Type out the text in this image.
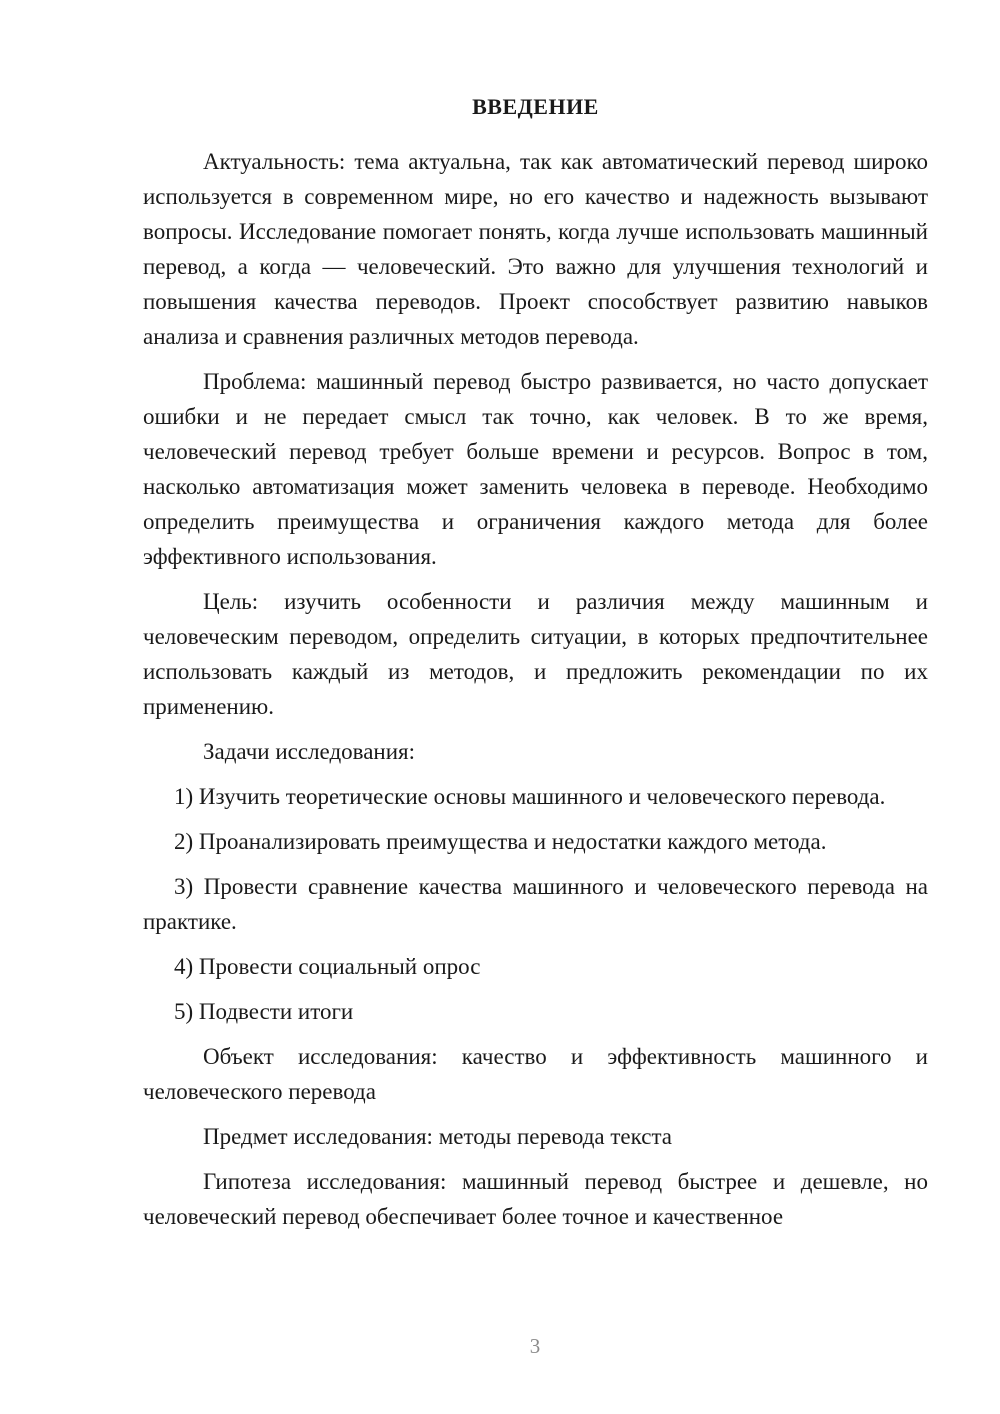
ВВЕДЕНИЕ

Актуальность: тема актуальна, так как автоматический перевод широко используется в современном мире, но его качество и надежность вызывают вопросы. Исследование помогает понять, когда лучше использовать машинный перевод, а когда — человеческий. Это важно для улучшения технологий и повышения качества переводов. Проект способствует развитию навыков анализа и сравнения различных методов перевода.

Проблема: машинный перевод быстро развивается, но часто допускает ошибки и не передает смысл так точно, как человек. В то же время, человеческий перевод требует больше времени и ресурсов. Вопрос в том, насколько автоматизация может заменить человека в переводе. Необходимо определить преимущества и ограничения каждого метода для более эффективного использования.

Цель: изучить особенности и различия между машинным и человеческим переводом, определить ситуации, в которых предпочтительнее использовать каждый из методов, и предложить рекомендации по их применению.

Задачи исследования:

1) Изучить теоретические основы машинного и человеческого перевода.

2) Проанализировать преимущества и недостатки каждого метода.

3) Провести сравнение качества машинного и человеческого перевода на практике.

4) Провести социальный опрос

5) Подвести итоги

Объект исследования: качество и эффективность машинного и человеческого перевода

Предмет исследования: методы перевода текста

Гипотеза исследования: машинный перевод быстрее и дешевле, но человеческий перевод обеспечивает более точное и качественное

3
